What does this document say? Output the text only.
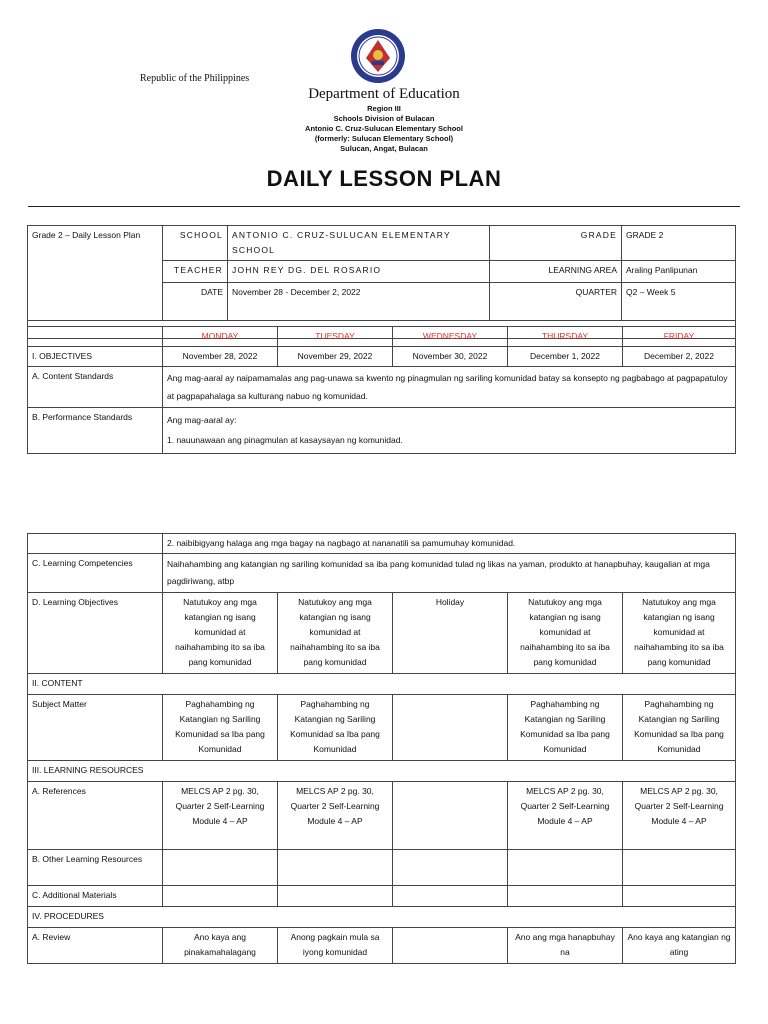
Republic of the Philippines
Department of Education
Region III
Schools Division of Bulacan
Antonio C. Cruz-Sulucan Elementary School
(formerly: Sulucan Elementary School)
Sulucan, Angat, Bulacan
DAILY LESSON PLAN
Grade 2 – Daily Lesson Plan	SCHOOL	ANTONIO C. CRUZ-SULUCAN ELEMENTARY SCHOOL	GRADE	GRADE 2
	TEACHER	JOHN REY DG. DEL ROSARIO	LEARNING AREA	Araling Panlipunan
	DATE	November 28 - December 2, 2022	QUARTER	Q2 – Week 5

	MONDAY	TUESDAY	WEDNESDAY	THURSDAY	FRIDAY
I. OBJECTIVES	November 28, 2022	November 29, 2022	November 30, 2022	December 1, 2022	December 2, 2022
A. Content Standards	Ang mag-aaral ay naipamamalas ang pag-unawa sa kwento ng pinagmulan ng sariling komunidad batay sa konsepto ng pagbabago at pagpapatuloy at pagpapahalaga sa kulturang nabuo ng komunidad.				
B. Performance Standards	Ang mag-aaral ay:
1. nauunawaan ang pinagmulan at kasaysayan ng komunidad.				
	2. naibibigyang halaga ang mga bagay na nagbago at nananatili sa pamumuhay komunidad.				
C. Learning Competencies	Naihahambing ang katangian ng sariling komunidad sa iba pang komunidad tulad ng likas na yaman, produkto at hanapbuhay, kaugalian at mga pagdiriwang, atbp				
D. Learning Objectives	Natutukoy ang mga katangian ng isang komunidad at naihahambing ito sa iba pang komunidad	Natutukoy ang mga katangian ng isang komunidad at naihahambing ito sa iba pang komunidad	Holiday	Natutukoy ang mga katangian ng isang komunidad at naihahambing ito sa iba pang komunidad	Natutukoy ang mga katangian ng isang komunidad at naihahambing ito sa iba pang komunidad
II. CONTENT					
Subject Matter	Paghahambing ng Katangian ng Sariling Komunidad sa Iba pang Komunidad	Paghahambing ng Katangian ng Sariling Komunidad sa Iba pang Komunidad		Paghahambing ng Katangian ng Sariling Komunidad sa Iba pang Komunidad	Paghahambing ng Katangian ng Sariling Komunidad sa Iba pang Komunidad
III. LEARNING RESOURCES					
A. References	MELCS AP 2 pg. 30, Quarter 2 Self-Learning Module 4 – AP	MELCS AP 2 pg. 30, Quarter 2 Self-Learning Module 4 – AP		MELCS AP 2 pg. 30, Quarter 2 Self-Learning Module 4 – AP	MELCS AP 2 pg. 30, Quarter 2 Self-Learning Module 4 – AP
B. Other Learning Resources					
C. Additional Materials					
IV. PROCEDURES					
A. Review	Ano kaya ang pinakamahalagang	Anong pagkain mula sa iyong komunidad		Ano ang mga hanapbuhay na	Ano kaya ang katangian ng ating
